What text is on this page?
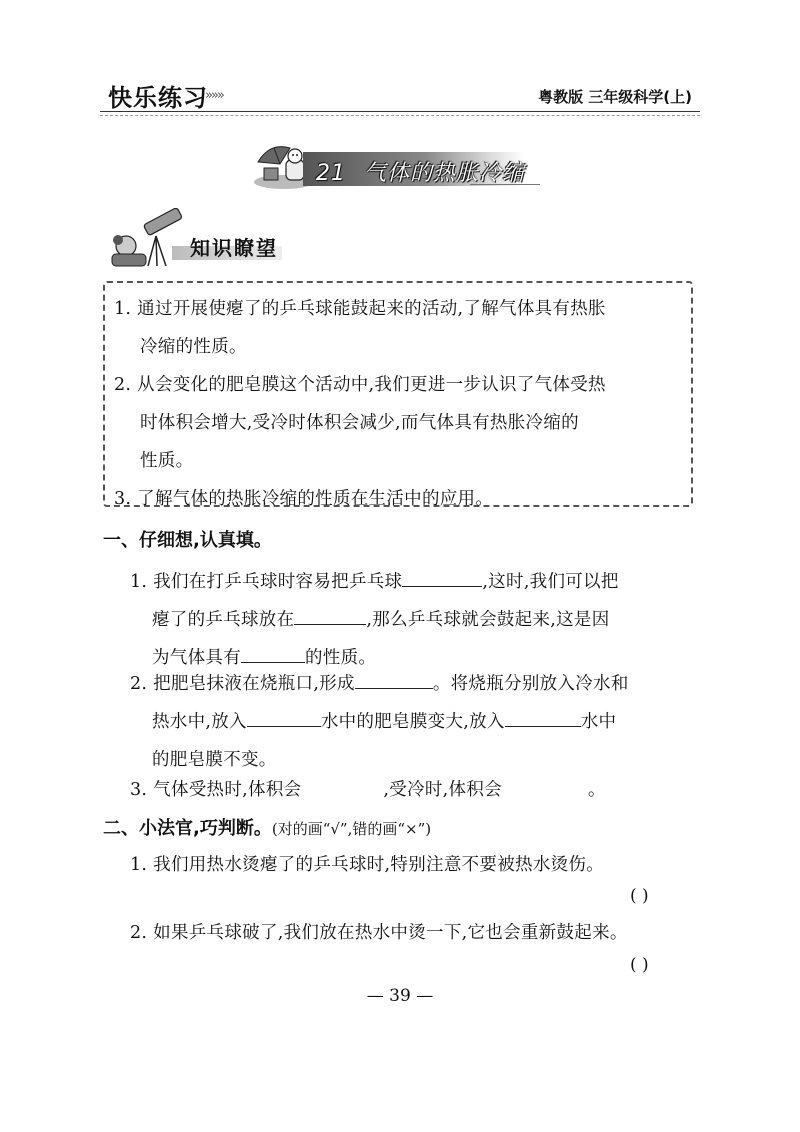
快乐练习
»»»	粤教版 三年级科学(上)
21 气体的热胀冷缩
知识瞭望
1. 通过开展使瘪了的乒乓球能鼓起来的活动,了解气体具有热胀
冷缩的性质。
2. 从会变化的肥皂膜这个活动中,我们更进一步认识了气体受热
时体积会增大,受冷时体积会减少,而气体具有热胀冷缩的
性质。
3. 了解气体的热胀冷缩的性质在生活中的应用。
一、仔细想,认真填。
1. 我们在打乒乓球时容易把乒乓球	,这时,我们可以把
瘪了的乒乓球放在	,那么乒乓球就会鼓起来,这是因
为气体具有	的性质。
2. 把肥皂抹液在烧瓶口,形成	。将烧瓶分别放入冷水和
热水中,放入	水中的肥皂膜变大,放入	水中
的肥皂膜不变。
3. 气体受热时,体积会	,受冷时,体积会	。
二、小法官,巧判断。(对的画“√”,错的画“×”)
1. 我们用热水烫瘪了的乒乓球时,特别注意不要被热水烫伤。
( )
2. 如果乒乓球破了,我们放在热水中烫一下,它也会重新鼓起来。
( )
— 39 —
